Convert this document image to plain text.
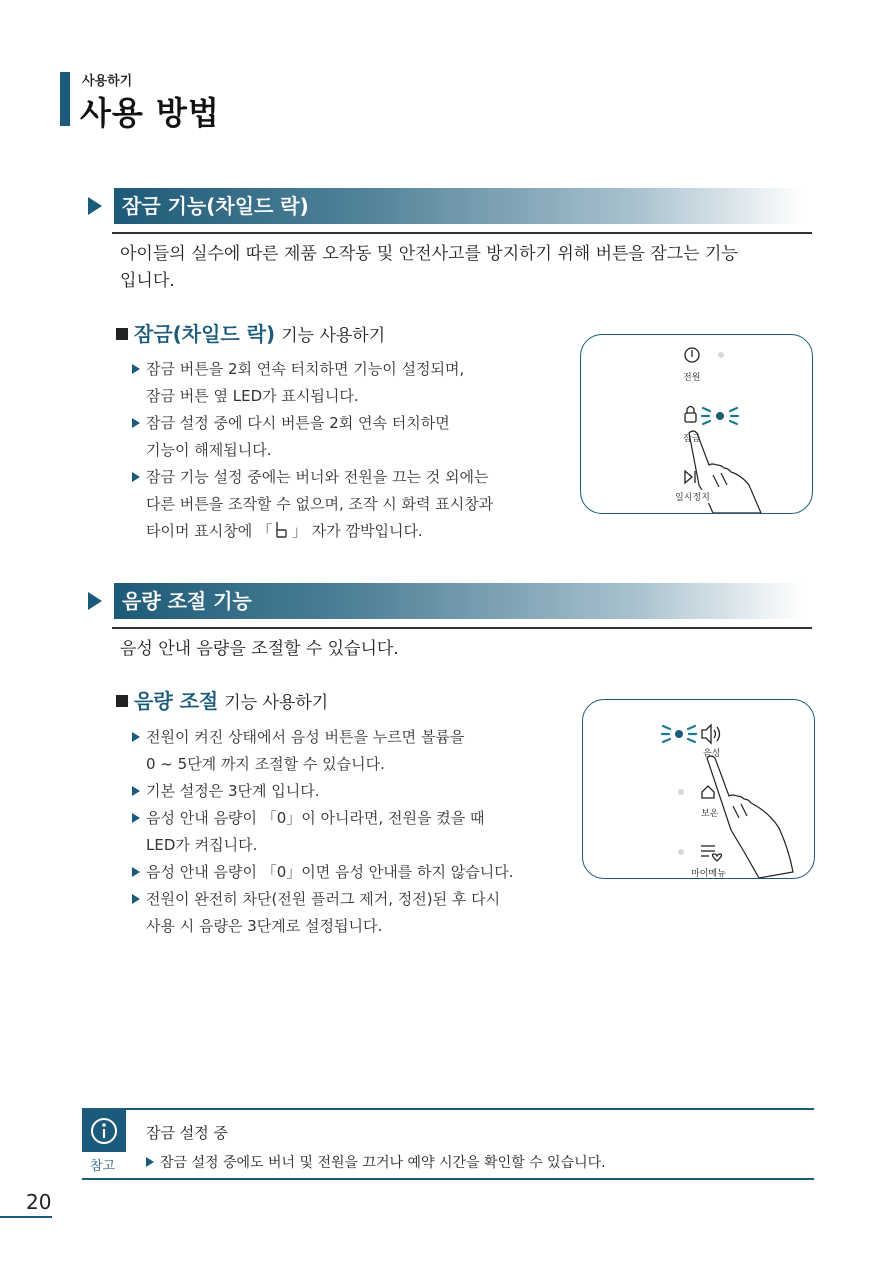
사용하기
사용 방법
잠금 기능(차일드 락)
아이들의 실수에 따른 제품 오작동 및 안전사고를 방지하기 위해 버튼을 잠그는 기능
입니다.
잠금(차일드 락) 기능 사용하기
잠금 버튼을 2회 연속 터치하면 기능이 설정되며,
잠금 버튼 옆 LED가 표시됩니다.
잠금 설정 중에 다시 버튼을 2회 연속 터치하면
기능이 해제됩니다.
잠금 기능 설정 중에는 버너와 전원을 끄는 것 외에는
다른 버튼을 조작할 수 없으며, 조작 시 화력 표시창과
타이머 표시창에 「 」 자가 깜박입니다.
전원
잠금
일시정지
음량 조절 기능
음성 안내 음량을 조절할 수 있습니다.
음량 조절 기능 사용하기
전원이 켜진 상태에서 음성 버튼을 누르면 볼륨을
0 ~ 5단계 까지 조절할 수 있습니다.
기본 설정은 3단계 입니다.
음성 안내 음량이 「0」이 아니라면, 전원을 켰을 때
LED가 켜집니다.
음성 안내 음량이 「0」이면 음성 안내를 하지 않습니다.
전원이 완전히 차단(전원 플러그 제거, 정전)된 후 다시
사용 시 음량은 3단계로 설정됩니다.
음성
보온
마이메뉴
참고
잠금 설정 중
잠금 설정 중에도 버너 및 전원을 끄거나 예약 시간을 확인할 수 있습니다.
20
